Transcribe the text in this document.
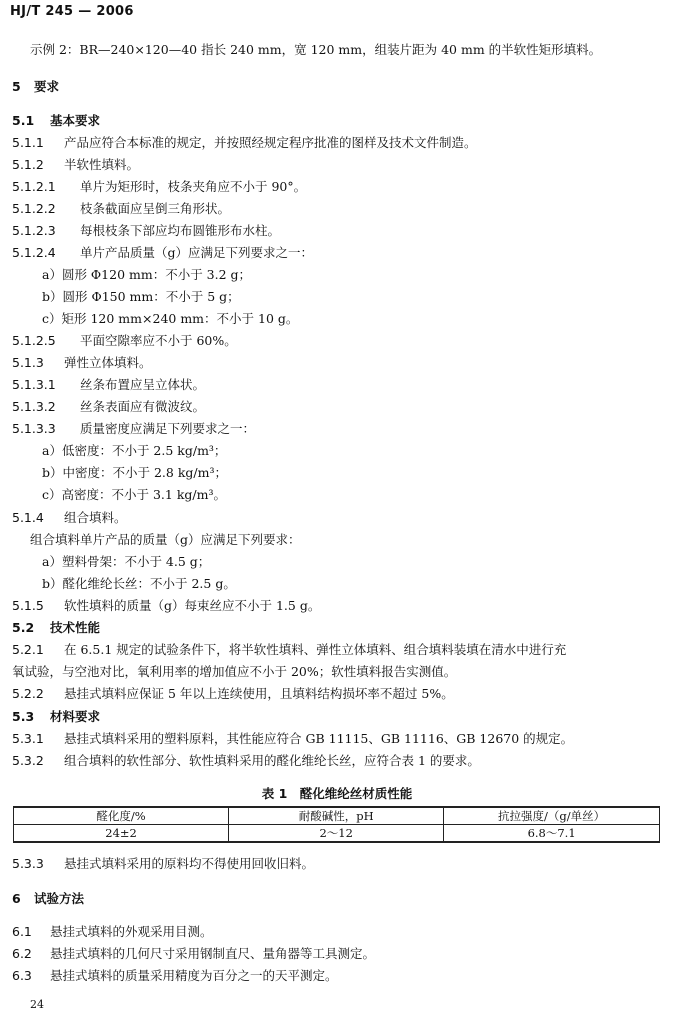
HJ/T 245 — 2006
示例 2：BR—240×120—40 指长 240 mm，宽 120 mm，组装片距为 40 mm 的半软性矩形填料。
5 要求
5.1 基本要求
5.1.1 产品应符合本标准的规定，并按照经规定程序批准的图样及技术文件制造。
5.1.2 半软性填料。
5.1.2.1 单片为矩形时，枝条夹角应不小于 90°。
5.1.2.2 枝条截面应呈倒三角形状。
5.1.2.3 每根枝条下部应均布圆锥形布水柱。
5.1.2.4 单片产品质量（g）应满足下列要求之一：
a）圆形 Φ120 mm：不小于 3.2 g；
b）圆形 Φ150 mm：不小于 5 g；
c）矩形 120 mm×240 mm：不小于 10 g。
5.1.2.5 平面空隙率应不小于 60%。
5.1.3 弹性立体填料。
5.1.3.1 丝条布置应呈立体状。
5.1.3.2 丝条表面应有微波纹。
5.1.3.3 质量密度应满足下列要求之一：
a）低密度：不小于 2.5 kg/m³；
b）中密度：不小于 2.8 kg/m³；
c）高密度：不小于 3.1 kg/m³。
5.1.4 组合填料。
组合填料单片产品的质量（g）应满足下列要求：
a）塑料骨架：不小于 4.5 g；
b）醛化维纶长丝：不小于 2.5 g。
5.1.5 软性填料的质量（g）每束丝应不小于 1.5 g。
5.2 技术性能
5.2.1 在 6.5.1 规定的试验条件下，将半软性填料、弹性立体填料、组合填料装填在清水中进行充
氧试验，与空池对比，氧利用率的增加值应不小于 20%；软性填料报告实测值。
5.2.2 悬挂式填料应保证 5 年以上连续使用，且填料结构损坏率不超过 5%。
5.3 材料要求
5.3.1 悬挂式填料采用的塑料原料，其性能应符合 GB 11115、GB 11116、GB 12670 的规定。
5.3.2 组合填料的软性部分、软性填料采用的醛化维纶长丝，应符合表 1 的要求。
表 1　醛化维纶丝材质性能
醛化度/%	耐酸碱性，pH	抗拉强度/（g/单丝）
24±2	2～12	6.8～7.1
5.3.3 悬挂式填料采用的原料均不得使用回收旧料。
6 试验方法
6.1 悬挂式填料的外观采用目测。
6.2 悬挂式填料的几何尺寸采用钢制直尺、量角器等工具测定。
6.3 悬挂式填料的质量采用精度为百分之一的天平测定。
24
